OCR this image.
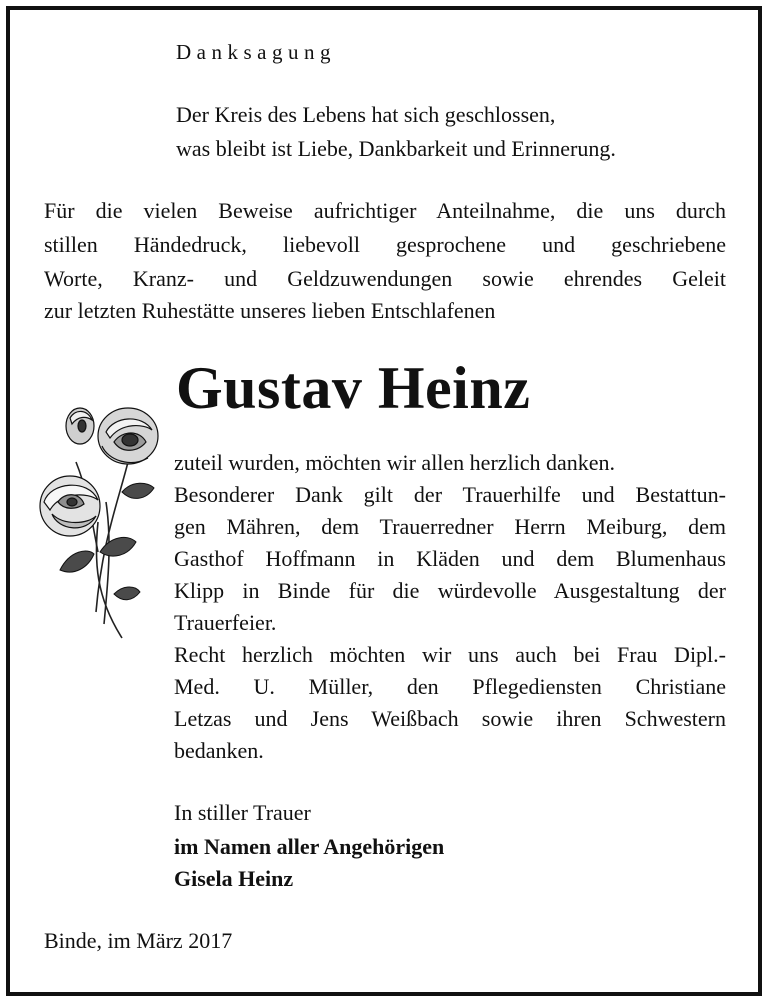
Danksagung
Der Kreis des Lebens hat sich geschlossen,
was bleibt ist Liebe, Dankbarkeit und Erinnerung.
Für die vielen Beweise aufrichtiger Anteilnahme, die uns durch
stillen Händedruck, liebevoll gesprochene und geschriebene
Worte, Kranz- und Geldzuwendungen sowie ehrendes Geleit
zur letzten Ruhestätte unseres lieben Entschlafenen
Gustav Heinz
zuteil wurden, möchten wir allen herzlich danken.
Besonderer Dank gilt der Trauerhilfe und Bestattun-
gen Mähren, dem Trauerredner Herrn Meiburg, dem
Gasthof Hoffmann in Kläden und dem Blumenhaus
Klipp in Binde für die würdevolle Ausgestaltung der
Trauerfeier.
Recht herzlich möchten wir uns auch bei Frau Dipl.-
Med. U. Müller, den Pflegediensten Christiane
Letzas und Jens Weißbach sowie ihren Schwestern
bedanken.
In stiller Trauer
im Namen aller Angehörigen
Gisela Heinz
Binde, im März 2017
